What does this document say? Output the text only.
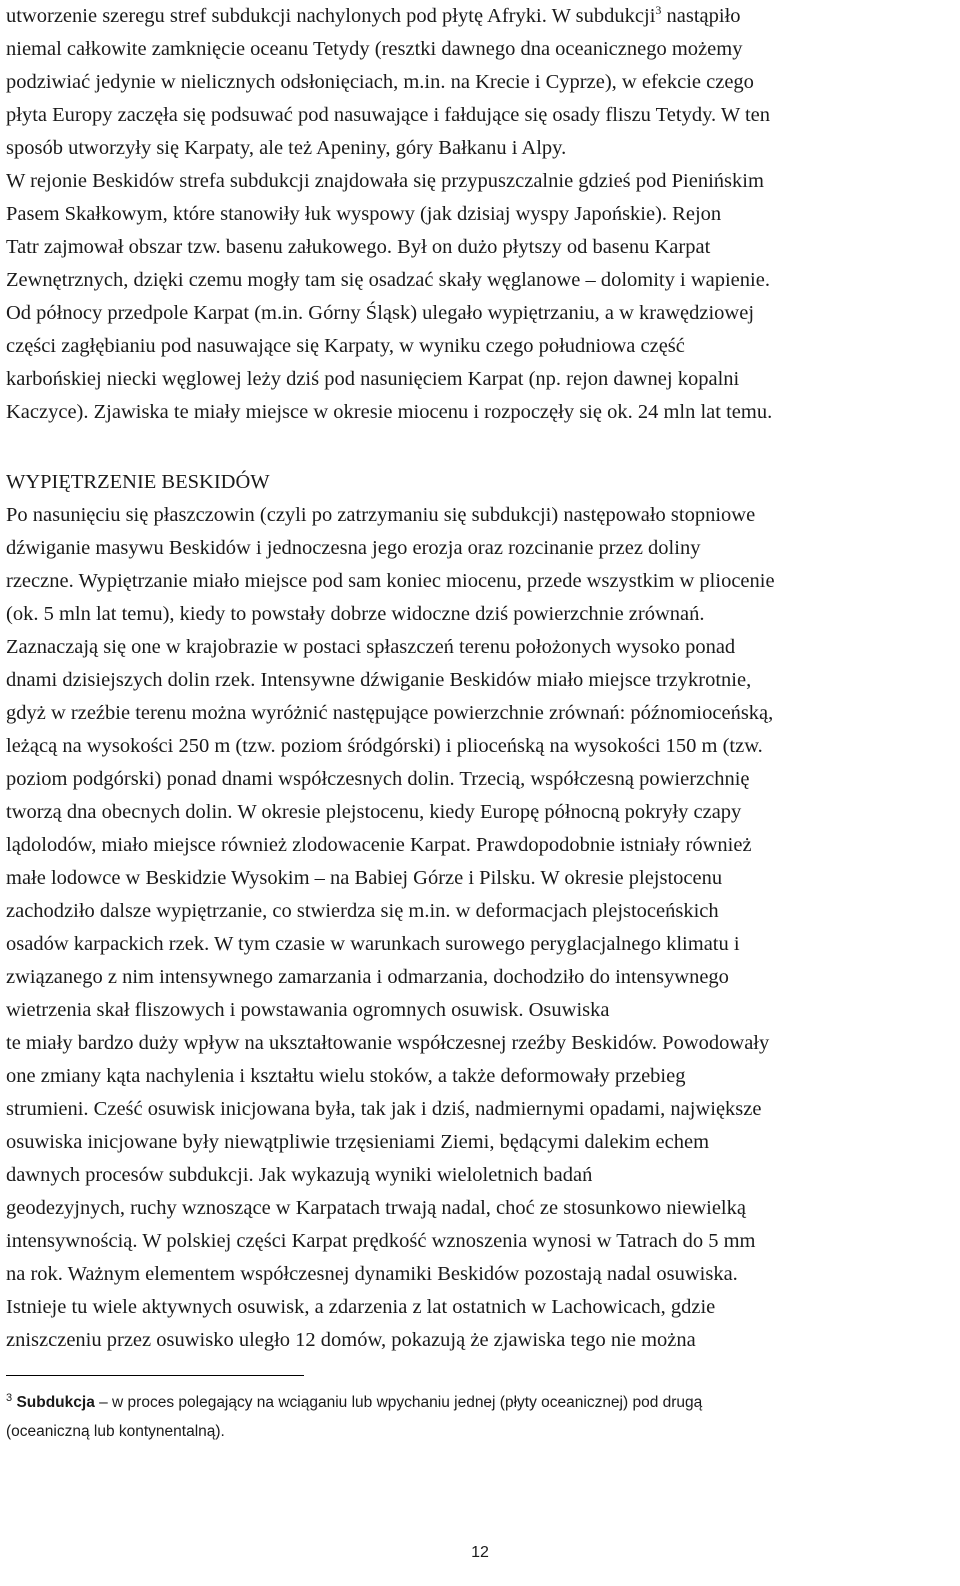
utworzenie szeregu stref subdukcji nachylonych pod płytę Afryki. W subdukcji$^3$ nastąpiło
niemal całkowite zamknięcie oceanu Tetydy (resztki dawnego dna oceanicznego możemy
podziwiać jedynie w nielicznych odsłonięciach, m.in. na Krecie i Cyprze), w efekcie czego
płyta Europy zaczęła się podsuwać pod nasuwające i fałdujące się osady fliszu Tetydy. W ten
sposób utworzyły się Karpaty, ale też Apeniny, góry Bałkanu i Alpy.
W rejonie Beskidów strefa subdukcji znajdowała się przypuszczalnie gdzieś pod Pienińskim
Pasem Skałkowym, które stanowiły łuk wyspowy (jak dzisiaj wyspy Japońskie). Rejon
Tatr zajmował obszar tzw. basenu załukowego. Był on dużo płytszy od basenu Karpat
Zewnętrznych, dzięki czemu mogły tam się osadzać skały węglanowe – dolomity i wapienie.
Od północy przedpole Karpat (m.in. Górny Śląsk) ulegało wypiętrzaniu, a w krawędziowej
części zagłębianiu pod nasuwające się Karpaty, w wyniku czego południowa część
karbońskiej niecki węglowej leży dziś pod nasunięciem Karpat (np. rejon dawnej kopalni
Kaczyce). Zjawiska te miały miejsce w okresie miocenu i rozpoczęły się ok. 24 mln lat temu.
WYPIĘTRZENIE BESKIDÓW
Po nasunięciu się płaszczowin (czyli po zatrzymaniu się subdukcji) następowało stopniowe
dźwiganie masywu Beskidów i jednoczesna jego erozja oraz rozcinanie przez doliny
rzeczne. Wypiętrzanie miało miejsce pod sam koniec miocenu, przede wszystkim w pliocenie
(ok. 5 mln lat temu), kiedy to powstały dobrze widoczne dziś powierzchnie zrównań.
Zaznaczają się one w krajobrazie w postaci spłaszczeń terenu położonych wysoko ponad
dnami dzisiejszych dolin rzek. Intensywne dźwiganie Beskidów miało miejsce trzykrotnie,
gdyż w rzeźbie terenu można wyróżnić następujące powierzchnie zrównań: późnomioceńską,
leżącą na wysokości 250 m (tzw. poziom śródgórski) i plioceńską na wysokości 150 m (tzw.
poziom podgórski) ponad dnami współczesnych dolin. Trzecią, współczesną powierzchnię
tworzą dna obecnych dolin. W okresie plejstocenu, kiedy Europę północną pokryły czapy
lądolodów, miało miejsce również zlodowacenie Karpat. Prawdopodobnie istniały również
małe lodowce w Beskidzie Wysokim – na Babiej Górze i Pilsku. W okresie plejstocenu
zachodziło dalsze wypiętrzanie, co stwierdza się m.in. w deformacjach plejstoceńskich
osadów karpackich rzek. W tym czasie w warunkach surowego peryglacjalnego klimatu i
związanego z nim intensywnego zamarzania i odmarzania, dochodziło do intensywnego
wietrzenia skał fliszowych i powstawania ogromnych osuwisk. Osuwiska
te miały bardzo duży wpływ na ukształtowanie współczesnej rzeźby Beskidów. Powodowały
one zmiany kąta nachylenia i kształtu wielu stoków, a także deformowały przebieg
strumieni. Cześć osuwisk inicjowana była, tak jak i dziś, nadmiernymi opadami, największe
osuwiska inicjowane były niewątpliwie trzęsieniami Ziemi, będącymi dalekim echem
dawnych procesów subdukcji. Jak wykazują wyniki wieloletnich badań
geodezyjnych, ruchy wznoszące w Karpatach trwają nadal, choć ze stosunkowo niewielką
intensywnością. W polskiej części Karpat prędkość wznoszenia wynosi w Tatrach do 5 mm
na rok. Ważnym elementem współczesnej dynamiki Beskidów pozostają nadal osuwiska.
Istnieje tu wiele aktywnych osuwisk, a zdarzenia z lat ostatnich w Lachowicach, gdzie
zniszczeniu przez osuwisko uległo 12 domów, pokazują że zjawiska tego nie można
$^3$ Subdukcja – w proces polegający na wciąganiu lub wpychaniu jednej (płyty oceanicznej) pod drugą
(oceaniczną lub kontynentalną).
12
